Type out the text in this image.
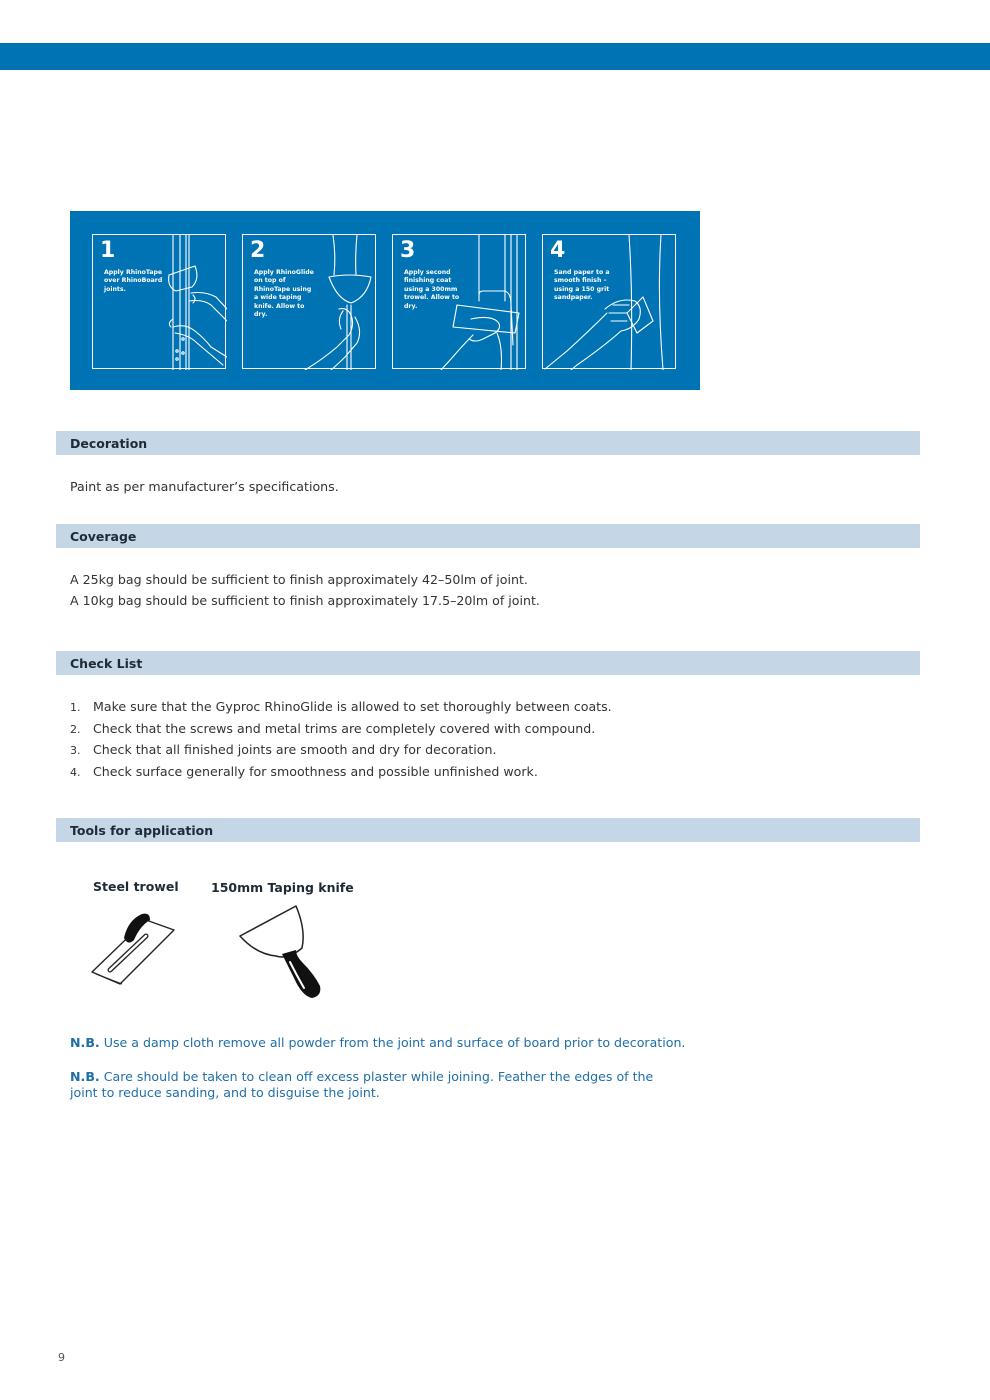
1
Apply RhinoTape over RhinoBoard joints.
2
Apply RhinoGlide on top of RhinoTape using a wide taping knife. Allow to dry.
3
Apply second finishing coat using a 300mm trowel. Allow to dry.
4
Sand paper to a smooth finish – using a 150 grit sandpaper.
Decoration
Paint as per manufacturer’s specifications.
Coverage
A 25kg bag should be sufficient to finish approximately 42–50lm of joint.
A 10kg bag should be sufficient to finish approximately 17.5–20lm of joint.
Check List
1. Make sure that the Gyproc RhinoGlide is allowed to set thoroughly between coats.
2. Check that the screws and metal trims are completely covered with compound.
3. Check that all finished joints are smooth and dry for decoration.
4. Check surface generally for smoothness and possible unfinished work.
Tools for application
Steel trowel	150mm Taping knife
N.B. Use a damp cloth remove all powder from the joint and surface of board prior to decoration.
N.B. Care should be taken to clean off excess plaster while joining. Feather the edges of the joint to reduce sanding, and to disguise the joint.
9
